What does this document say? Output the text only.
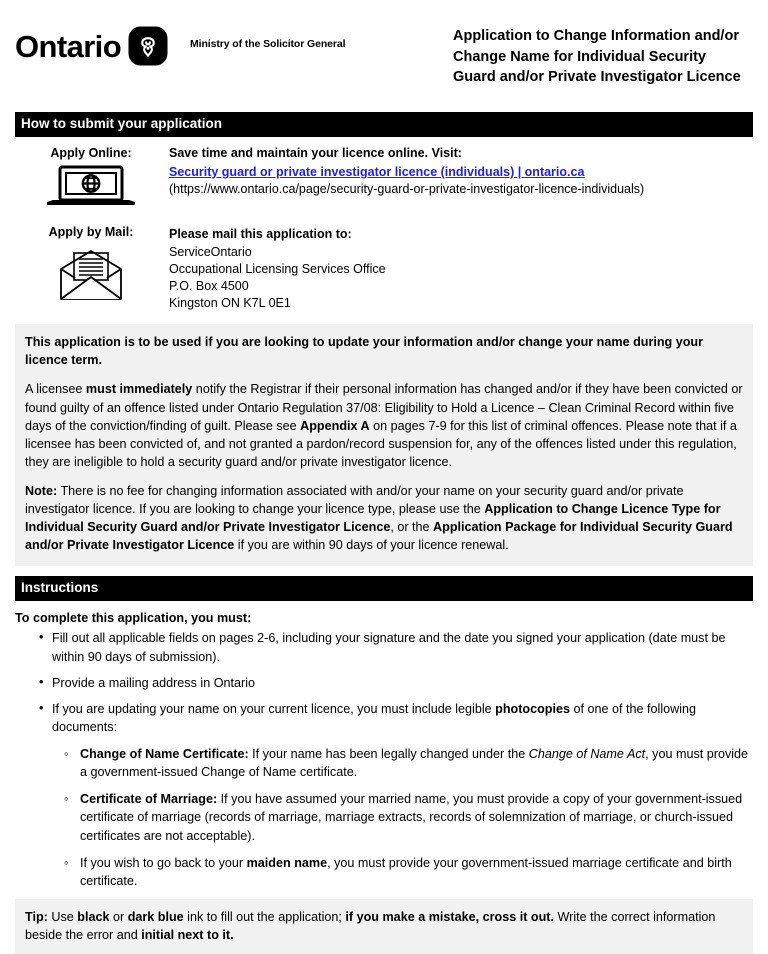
Ontario	Ministry of the Solicitor General	Application to Change Information and/or Change Name for Individual Security Guard and/or Private Investigator Licence
How to submit your application
Apply Online:	Save time and maintain your licence online. Visit:
Security guard or private investigator licence (individuals) | ontario.ca
(https://www.ontario.ca/page/security-guard-or-private-investigator-licence-individuals)
Apply by Mail:	Please mail this application to:
ServiceOntario
Occupational Licensing Services Office
P.O. Box 4500
Kingston ON K7L 0E1

This application is to be used if you are looking to update your information and/or change your name during your licence term.

A licensee must immediately notify the Registrar if their personal information has changed and/or if they have been convicted or found guilty of an offence listed under Ontario Regulation 37/08: Eligibility to Hold a Licence – Clean Criminal Record within five days of the conviction/finding of guilt. Please see Appendix A on pages 7-9 for this list of criminal offences. Please note that if a licensee has been convicted of, and not granted a pardon/record suspension for, any of the offences listed under this regulation, they are ineligible to hold a security guard and/or private investigator licence.

Note: There is no fee for changing information associated with and/or your name on your security guard and/or private investigator licence. If you are looking to change your licence type, please use the Application to Change Licence Type for Individual Security Guard and/or Private Investigator Licence, or the Application Package for Individual Security Guard and/or Private Investigator Licence if you are within 90 days of your licence renewal.

Instructions
To complete this application, you must:
• Fill out all applicable fields on pages 2-6, including your signature and the date you signed your application (date must be within 90 days of submission).
• Provide a mailing address in Ontario
• If you are updating your name on your current licence, you must include legible photocopies of one of the following documents:
◦ Change of Name Certificate: If your name has been legally changed under the Change of Name Act, you must provide a government-issued Change of Name certificate.
◦ Certificate of Marriage: If you have assumed your married name, you must provide a copy of your government-issued certificate of marriage (records of marriage, marriage extracts, records of solemnization of marriage, or church-issued certificates are not acceptable).
◦ If you wish to go back to your maiden name, you must provide your government-issued marriage certificate and birth certificate.

Tip: Use black or dark blue ink to fill out the application; if you make a mistake, cross it out. Write the correct information beside the error and initial next to it.
